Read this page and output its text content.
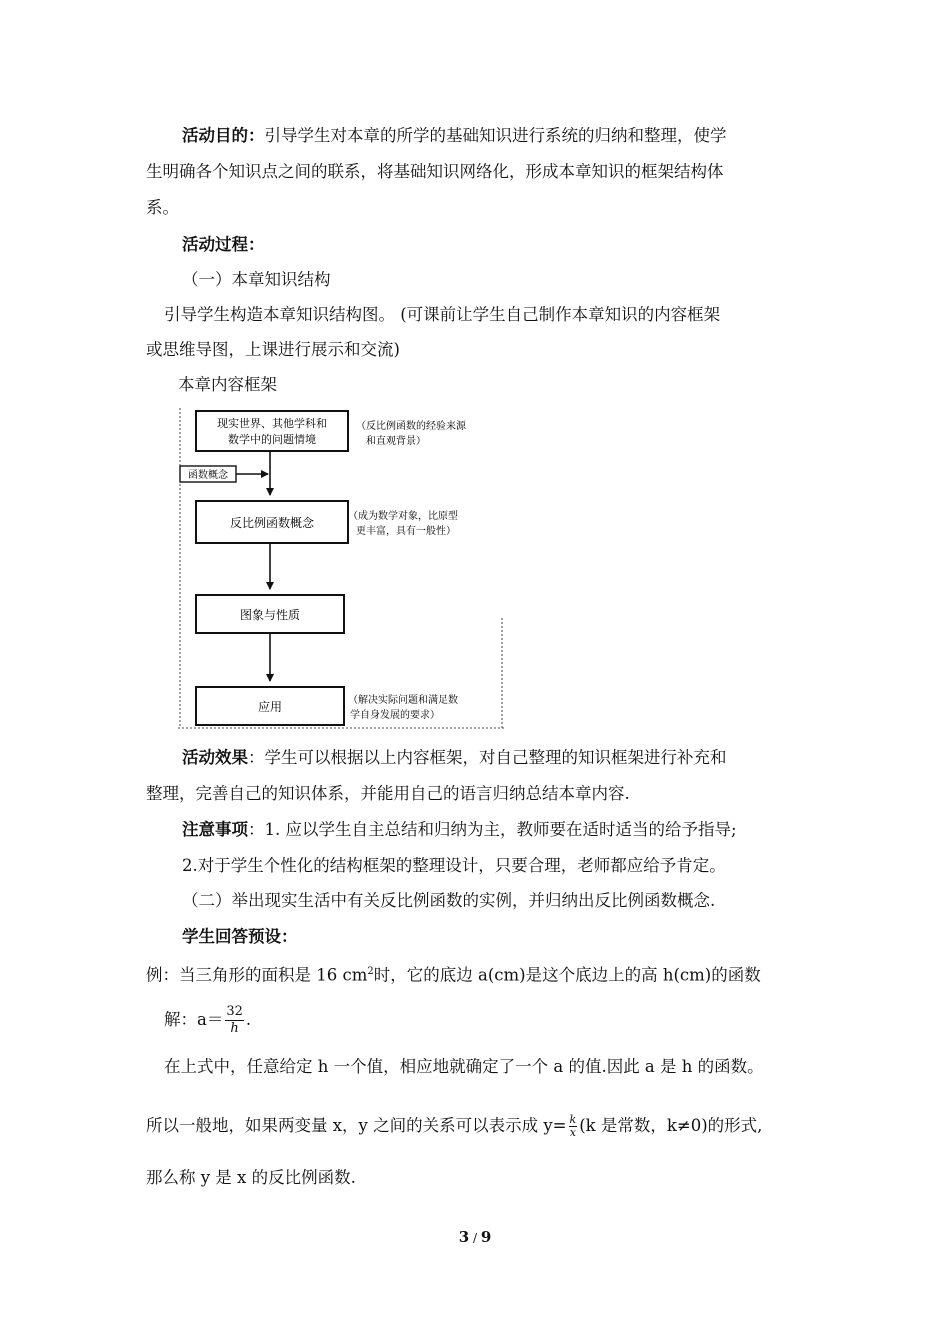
活动目的：引导学生对本章的所学的基础知识进行系统的归纳和整理，使学
生明确各个知识点之间的联系，将基础知识网络化，形成本章知识的框架结构体
系。
活动过程：
（一）本章知识结构
引导学生构造本章知识结构图。 (可课前让学生自己制作本章知识的内容框架
或思维导图，上课进行展示和交流)
本章内容框架
现实世界、其他学科和
数学中的问题情境
（反比例函数的经验来源
和直观背景）
函数概念
反比例函数概念	（成为数学对象，比原型
更丰富，具有一般性）
图象与性质
应用	（解决实际问题和满足数
学自身发展的要求）
活动效果：学生可以根据以上内容框架，对自己整理的知识框架进行补充和
整理，完善自己的知识体系，并能用自己的语言归纳总结本章内容.
注意事项：1. 应以学生自主总结和归纳为主，教师要在适时适当的给予指导;
2.对于学生个性化的结构框架的整理设计，只要合理，老师都应给予肯定。
（二）举出现实生活中有关反比例函数的实例，并归纳出反比例函数概念.
学生回答预设：
例：当三角形的面积是 16 $cm^2$时，它的底边 a(cm)是这个底边上的高 h(cm)的函数
解：$a= \frac{32}{h}$ .
在上式中，任意给定 h 一个值，相应地就确定了一个 a 的值.因此 a 是 h 的函数。
所以一般地，如果两变量 x，y 之间的关系可以表示成 $y= \frac{k}{x} (k$ 是常数，k≠0)的形式,
那么称 y 是 x 的反比例函数.
3 / 9
